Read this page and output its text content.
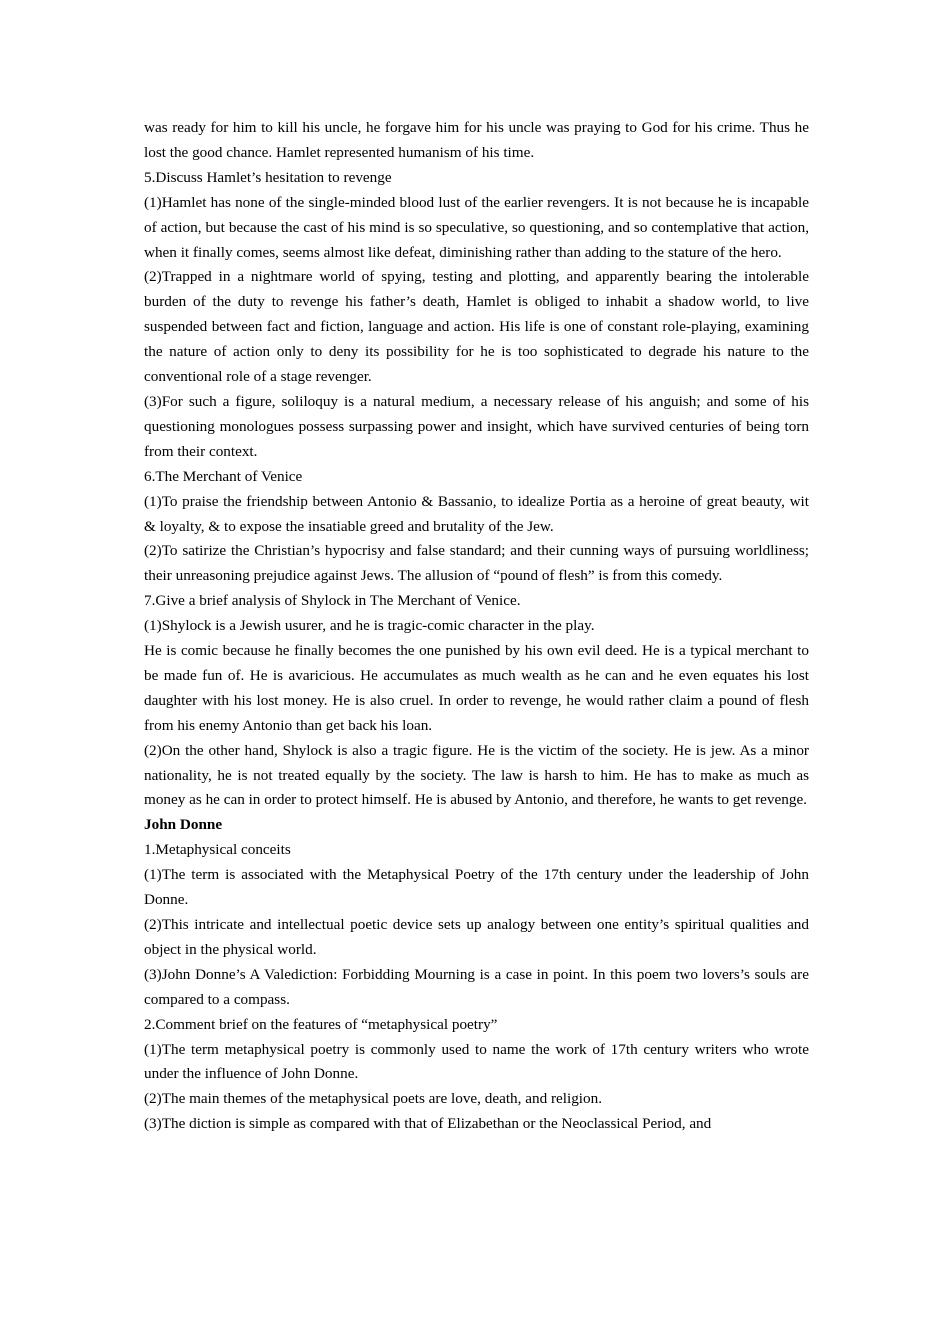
was ready for him to kill his uncle, he forgave him for his uncle was praying to God for his crime. Thus he lost the good chance. Hamlet represented humanism of his time.

5.Discuss Hamlet’s hesitation to revenge

(1)Hamlet has none of the single-minded blood lust of the earlier revengers. It is not because he is incapable of action, but because the cast of his mind is so speculative, so questioning, and so contemplative that action, when it finally comes, seems almost like defeat, diminishing rather than adding to the stature of the hero.

(2)Trapped in a nightmare world of spying, testing and plotting, and apparently bearing the intolerable burden of the duty to revenge his father’s death, Hamlet is obliged to inhabit a shadow world, to live suspended between fact and fiction, language and action. His life is one of constant role-playing, examining the nature of action only to deny its possibility for he is too sophisticated to degrade his nature to the conventional role of a stage revenger.

(3)For such a figure, soliloquy is a natural medium, a necessary release of his anguish; and some of his questioning monologues possess surpassing power and insight, which have survived centuries of being torn from their context.

6.The Merchant of Venice

(1)To praise the friendship between Antonio & Bassanio, to idealize Portia as a heroine of great beauty, wit & loyalty, & to expose the insatiable greed and brutality of the Jew.

(2)To satirize the Christian’s hypocrisy and false standard; and their cunning ways of pursuing worldliness; their unreasoning prejudice against Jews. The allusion of “pound of flesh” is from this comedy.

7.Give a brief analysis of Shylock in The Merchant of Venice.

(1)Shylock is a Jewish usurer, and he is tragic-comic character in the play.

He is comic because he finally becomes the one punished by his own evil deed. He is a typical merchant to be made fun of. He is avaricious. He accumulates as much wealth as he can and he even equates his lost daughter with his lost money. He is also cruel. In order to revenge, he would rather claim a pound of flesh from his enemy Antonio than get back his loan.

(2)On the other hand, Shylock is also a tragic figure. He is the victim of the society. He is jew. As a minor nationality, he is not treated equally by the society. The law is harsh to him. He has to make as much as money as he can in order to protect himself. He is abused by Antonio, and therefore, he wants to get revenge.

John Donne

1.Metaphysical conceits

(1)The term is associated with the Metaphysical Poetry of the 17th century under the leadership of John Donne.

(2)This intricate and intellectual poetic device sets up analogy between one entity’s spiritual qualities and object in the physical world.

(3)John Donne’s A Valediction: Forbidding Mourning is a case in point. In this poem two lovers’s souls are compared to a compass.

2.Comment brief on the features of “metaphysical poetry”

(1)The term metaphysical poetry is commonly used to name the work of 17th century writers who wrote under the influence of John Donne.

(2)The main themes of the metaphysical poets are love, death, and religion.

(3)The diction is simple as compared with that of Elizabethan or the Neoclassical Period, and
